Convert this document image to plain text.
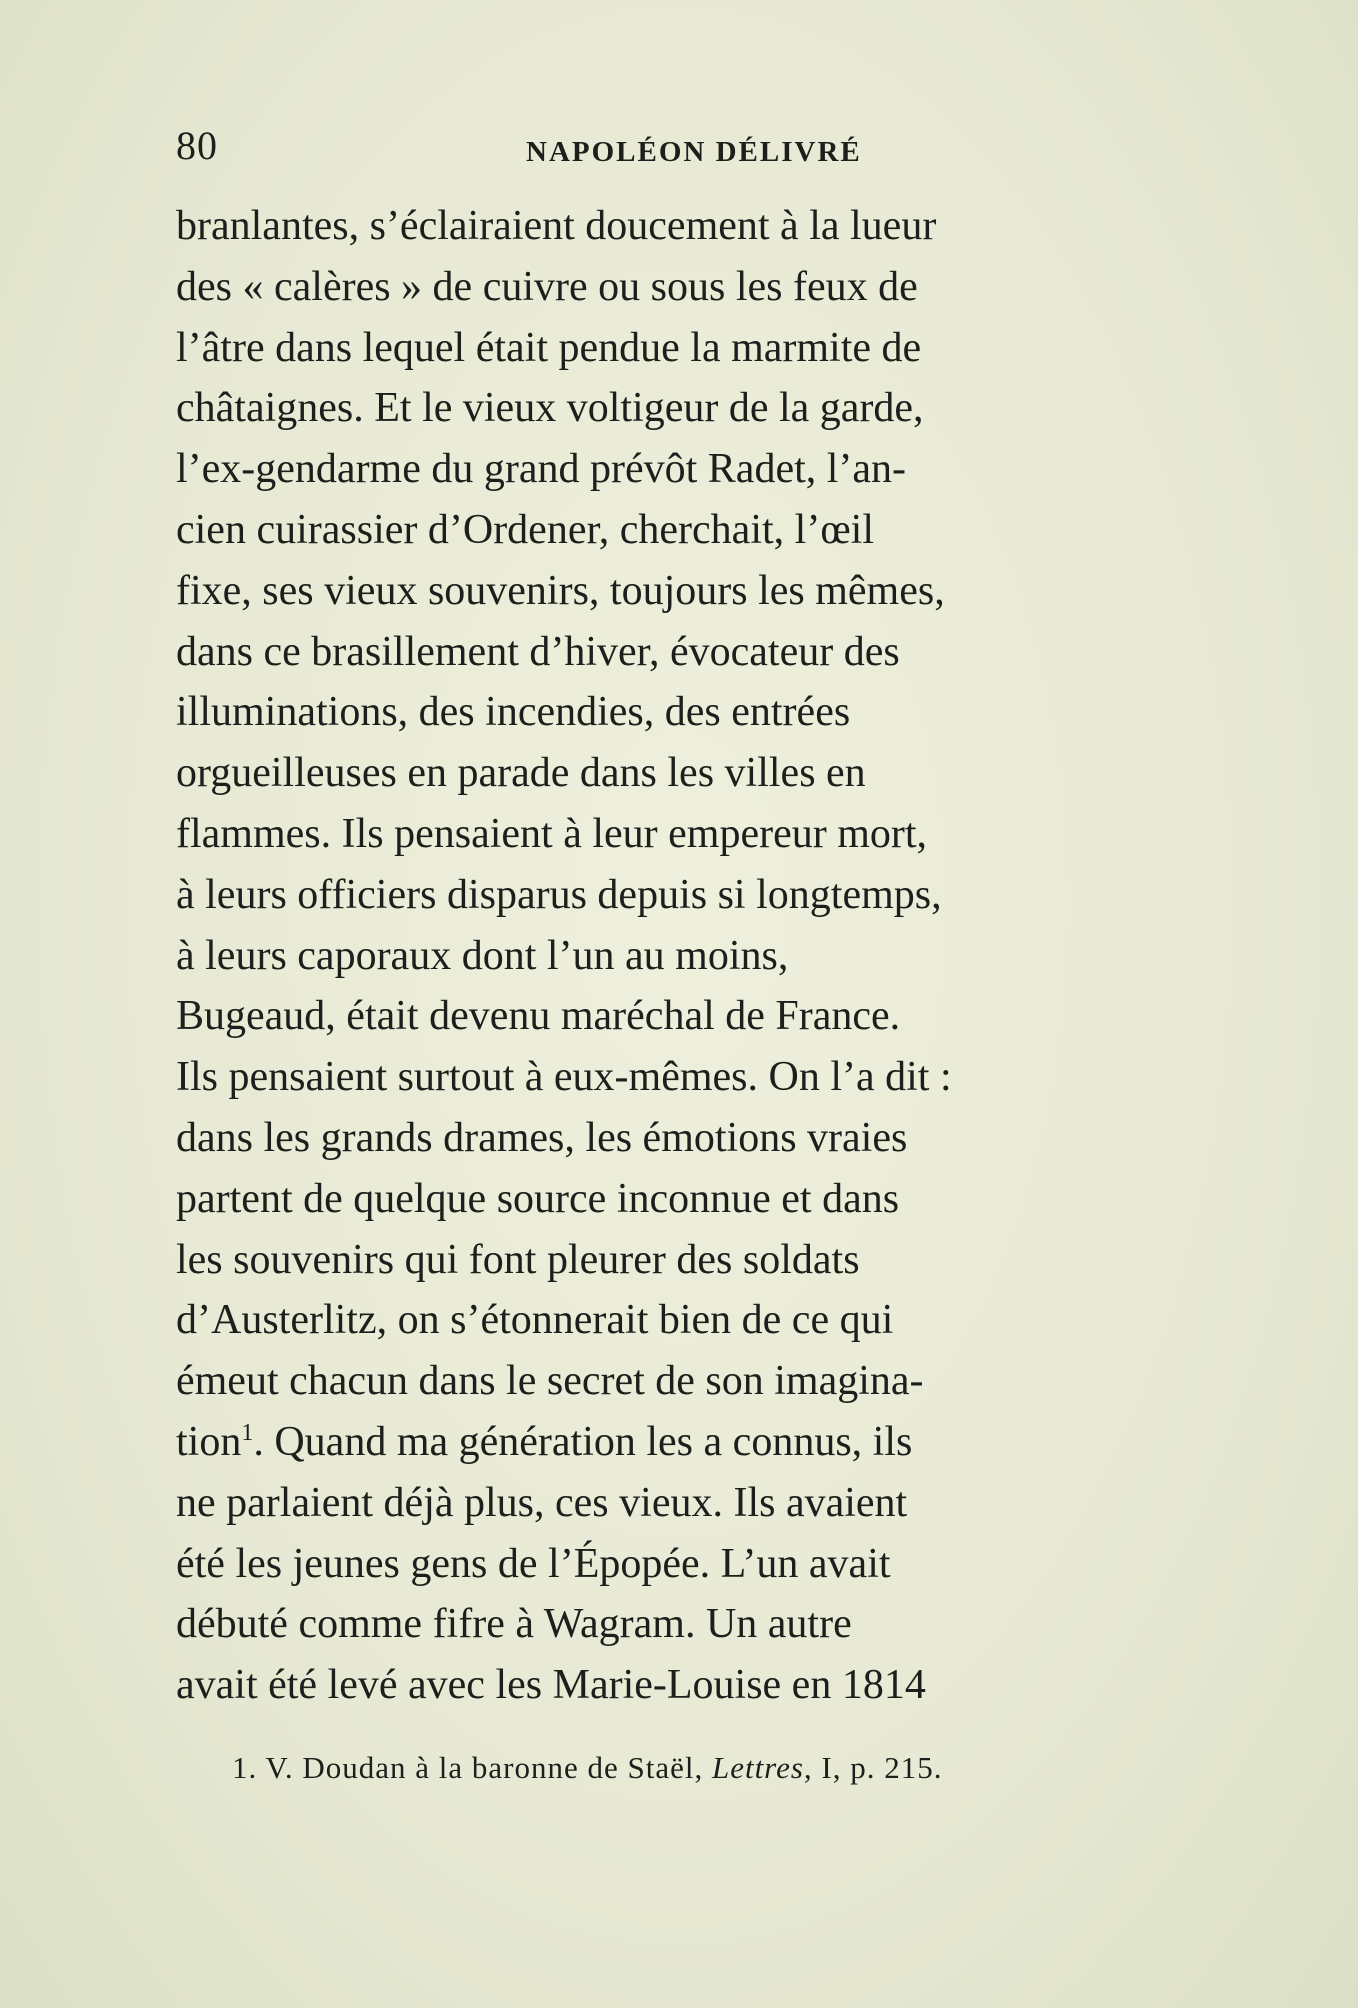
80	NAPOLÉON DÉLIVRÉ
branlantes, s’éclairaient doucement à la lueur
des « calères » de cuivre ou sous les feux de
l’âtre dans lequel était pendue la marmite de
châtaignes. Et le vieux voltigeur de la garde,
l’ex-gendarme du grand prévôt Radet, l’an-
cien cuirassier d’Ordener, cherchait, l’œil
fixe, ses vieux souvenirs, toujours les mêmes,
dans ce brasillement d’hiver, évocateur des
illuminations, des incendies, des entrées
orgueilleuses en parade dans les villes en
flammes. Ils pensaient à leur empereur mort,
à leurs officiers disparus depuis si longtemps,
à leurs caporaux dont l’un au moins,
Bugeaud, était devenu maréchal de France.
Ils pensaient surtout à eux-mêmes. On l’a dit :
dans les grands drames, les émotions vraies
partent de quelque source inconnue et dans
les souvenirs qui font pleurer des soldats
d’Austerlitz, on s’étonnerait bien de ce qui
émeut chacun dans le secret de son imagina-
tion$^1$. Quand ma génération les a connus, ils
ne parlaient déjà plus, ces vieux. Ils avaient
été les jeunes gens de l’Épopée. L’un avait
débuté comme fifre à Wagram. Un autre
avait été levé avec les Marie-Louise en 1814
1. V. Doudan à la baronne de Staël, Lettres, I, p. 215.
